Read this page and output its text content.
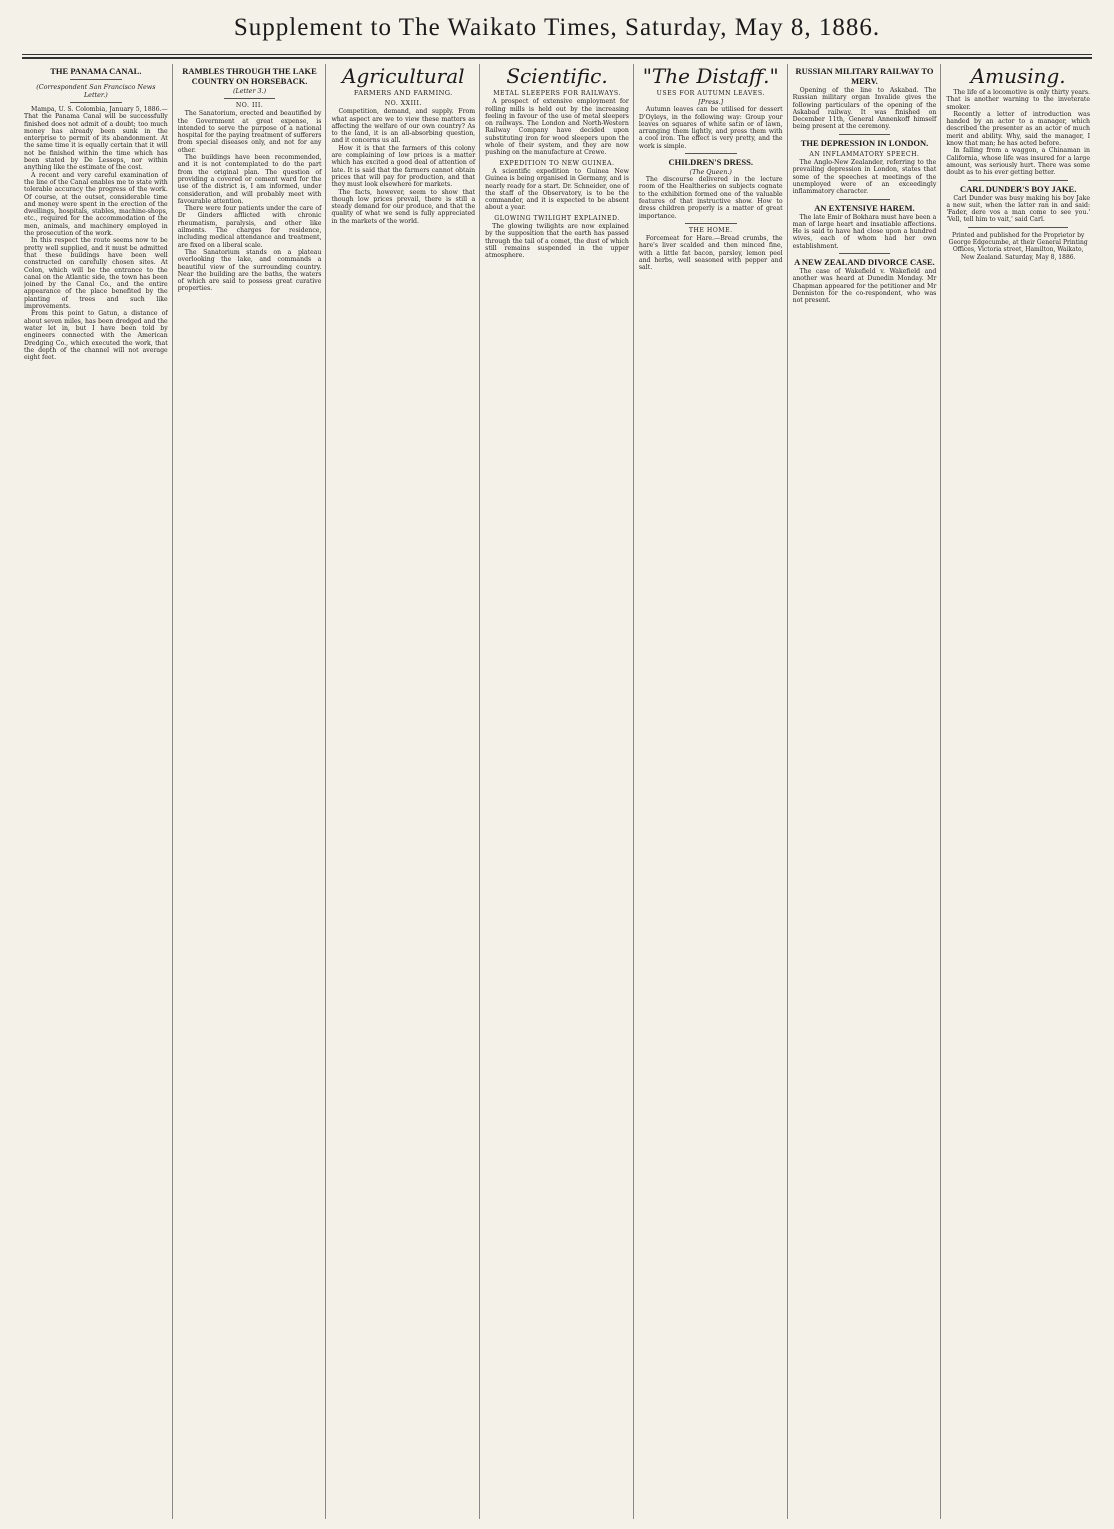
Supplement to The Waikato Times, Saturday, May 8, 1886.
THE PANAMA CANAL.
(Correspondent San Francisco News Letter.)

Mampa, U. S. Colombia, January 5, 1886.—That the Panama Canal will be successfully finished does not admit of a doubt; too much money has already been sunk in the enterprise to permit of its abandonment. At the same time it is equally certain that it will not be finished within the time which has been stated by De Lesseps, nor within anything like the estimate of the cost.

A recent and very careful examination of the line of the Canal enables me to state with tolerable accuracy the progress of the work. Of course, at the outset, considerable time and money were spent in the erection of the dwellings, hospitals, stables, machine-shops, etc., required for the accommodation of the men, animals, and machinery employed in the prosecution of the work.

In this respect the route seems now to be pretty well supplied, and it must be admitted that these buildings have been well constructed on carefully chosen sites. At Colon, which will be the entrance to the canal on the Atlantic side, the town has been joined by the Canal Co., and the entire appearance of the place benefited by the planting of trees and such like improvements.

From this point to Gatun, a distance of about seven miles, has been dredged and the water let in, but I have been told by engineers connected with the American Dredging Co., which executed the work, that the depth of the channel will not average eight feet.

RAMBLES THROUGH THE LAKE COUNTRY ON HORSEBACK.
(Letter 3.)
NO. III.

The Sanatorium, erected and beautified by the Government at great expense, is intended to serve the purpose of a national hospital for the paying treatment of sufferers from special diseases only, and not for any other.

The buildings have been recommended, and it is not contemplated to do the part from the original plan. The question of providing a covered or cement ward for the use of the district is, I am informed, under consideration, and will probably meet with favourable attention.

There were four patients under the care of Dr Ginders afflicted with chronic rheumatism, paralysis, and other like ailments. The charges for residence, including medical attendance and treatment, are fixed on a liberal scale.

The Sanatorium stands on a plateau overlooking the lake, and commands a beautiful view of the surrounding country. Near the building are the baths, the waters of which are said to possess great curative properties.

Agricultural
FARMERS AND FARMING.
NO. XXIII.

Competition, demand, and supply. From what aspect are we to view these matters as affecting the welfare of our own country? As to the land, it is an all-absorbing question, and it concerns us all.

How it is that the farmers of this colony are complaining of low prices is a matter which has excited a good deal of attention of late. It is said that the farmers cannot obtain prices that will pay for production, and that they must look elsewhere for markets.

The facts, however, seem to show that though low prices prevail, there is still a steady demand for our produce, and that the quality of what we send is fully appreciated in the markets of the world.

Scientific.
METAL SLEEPERS FOR RAILWAYS.

A prospect of extensive employment for rolling mills is held out by the increasing feeling in favour of the use of metal sleepers on railways. The London and North-Western Railway Company have decided upon substituting iron for wood sleepers upon the whole of their system, and they are now pushing on the manufacture at Crewe.

EXPEDITION TO NEW GUINEA.

A scientific expedition to Guinea New Guinea is being organised in Germany, and is nearly ready for a start. Dr. Schneider, one of the staff of the Observatory, is to be the commander, and it is expected to be absent about a year.

GLOWING TWILIGHT EXPLAINED.

The glowing twilights are now explained by the supposition that the earth has passed through the tail of a comet, the dust of which still remains suspended in the upper atmosphere.

"The Distaff."
USES FOR AUTUMN LEAVES.
[Press.]

Autumn leaves can be utilised for dessert D'Oyleys, in the following way: Group your leaves on squares of white satin or of lawn, arranging them lightly, and press them with a cool iron. The effect is very pretty, and the work is simple.

CHILDREN'S DRESS.
(The Queen.)

The discourse delivered in the lecture room of the Healtheries on subjects cognate to the exhibition formed one of the valuable features of that instructive show. How to dress children properly is a matter of great importance.

THE HOME.

Forcemeat for Hare.—Bread crumbs, the hare's liver scalded and then minced fine, with a little fat bacon, parsley, lemon peel and herbs, well seasoned with pepper and salt.

RUSSIAN MILITARY RAILWAY TO MERV.

Opening of the line to Askabad. The Russian military organ Invalide gives the following particulars of the opening of the Askabad railway. It was finished on December 11th, General Annenkoff himself being present at the ceremony.

THE DEPRESSION IN LONDON.
AN INFLAMMATORY SPEECH.

The Anglo-New Zealander, referring to the prevailing depression in London, states that some of the speeches at meetings of the unemployed were of an exceedingly inflammatory character.

AN EXTENSIVE HAREM.

The late Emir of Bokhara must have been a man of large heart and insatiable affections. He is said to have had close upon a hundred wives, each of whom had her own establishment.

A NEW ZEALAND DIVORCE CASE.

The case of Wakefield v. Wakefield and another was heard at Dunedin Monday. Mr Chapman appeared for the petitioner and Mr Denniston for the co-respondent, who was not present.

Amusing.

The life of a locomotive is only thirty years. That is another warning to the inveterate smoker.

Recently a letter of introduction was handed by an actor to a manager, which described the presenter as an actor of much merit and ability. Why, said the manager, I know that man; he has acted before.

In falling from a waggon, a Chinaman in California, whose life was insured for a large amount, was seriously hurt. There was some doubt as to his ever getting better.

CARL DUNDER'S BOY JAKE.

Carl Dunder was busy making his boy Jake a new suit, when the latter ran in and said: 'Fader, dere vos a man come to see you.' 'Vell, tell him to vait,' said Carl.

Printed and published for the Proprietor by George Edgecumbe, at their General Printing Offices, Victoria street, Hamilton, Waikato, New Zealand. Saturday, May 8, 1886.
